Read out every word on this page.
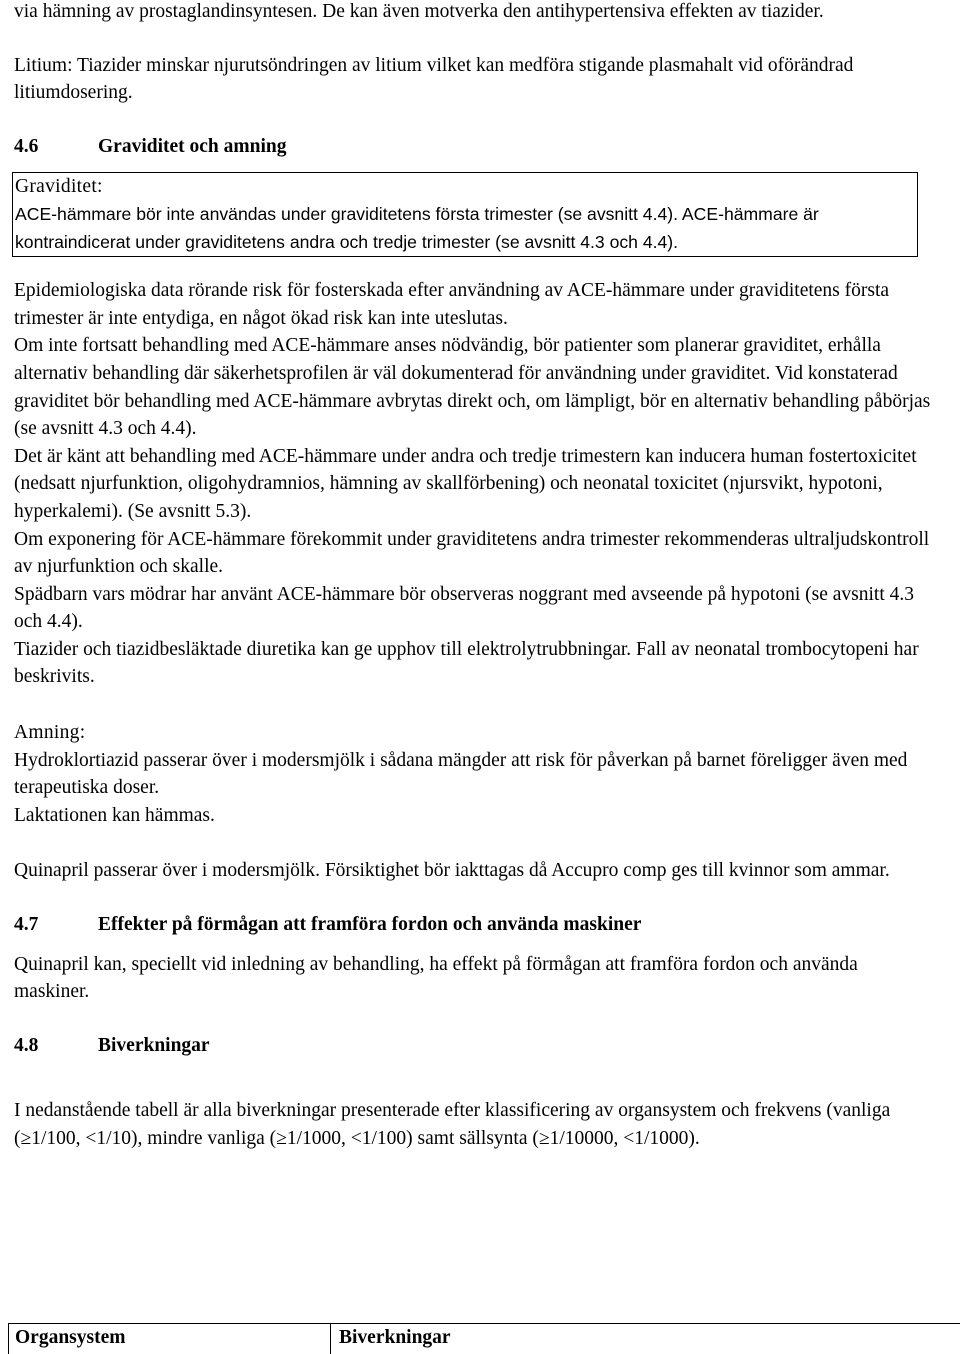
via hämning av prostaglandinsyntesen. De kan även motverka den antihypertensiva effekten av tiazider.

Litium: Tiazider minskar njurutsöndringen av litium vilket kan medföra stigande plasmahalt vid oförändrad litiumdosering.

4.6	Graviditet och amning

Graviditet:

ACE-hämmare bör inte användas under graviditetens första trimester (se avsnitt 4.4). ACE-hämmare är kontraindicerat under graviditetens andra och tredje trimester (se avsnitt 4.3 och 4.4).

Epidemiologiska data rörande risk för fosterskada efter användning av ACE-hämmare under graviditetens första trimester är inte entydiga, en något ökad risk kan inte uteslutas.

Om inte fortsatt behandling med ACE-hämmare anses nödvändig, bör patienter som planerar graviditet, erhålla alternativ behandling där säkerhetsprofilen är väl dokumenterad för användning under graviditet. Vid konstaterad graviditet bör behandling med ACE-hämmare avbrytas direkt och, om lämpligt, bör en alternativ behandling påbörjas (se avsnitt 4.3 och 4.4).

Det är känt att behandling med ACE-hämmare under andra och tredje trimestern kan inducera human fostertoxicitet (nedsatt njurfunktion, oligohydramnios, hämning av skallförbening) och neonatal toxicitet (njursvikt, hypotoni, hyperkalemi). (Se avsnitt 5.3).

Om exponering för ACE-hämmare förekommit under graviditetens andra trimester rekommenderas ultraljudskontroll av njurfunktion och skalle.

Spädbarn vars mödrar har använt ACE-hämmare bör observeras noggrant med avseende på hypotoni (se avsnitt 4.3 och 4.4).

Tiazider och tiazidbesläktade diuretika kan ge upphov till elektrolytrubbningar. Fall av neonatal trombocytopeni har beskrivits.

Amning:

Hydroklortiazid passerar över i modersmjölk i sådana mängder att risk för påverkan på barnet föreligger även med terapeutiska doser.

Laktationen kan hämmas.

Quinapril passerar över i modersmjölk. Försiktighet bör iakttagas då Accupro comp ges till kvinnor som ammar.

4.7	Effekter på förmågan att framföra fordon och använda maskiner

Quinapril kan, speciellt vid inledning av behandling, ha effekt på förmågan att framföra fordon och använda maskiner.

4.8	Biverkningar

I nedanstående tabell är alla biverkningar presenterade efter klassificering av organsystem och frekvens (vanliga (≥1/100, <1/10), mindre vanliga (≥1/1000, <1/100) samt sällsynta (≥1/10000, <1/1000).

Organsystem	Biverkningar
